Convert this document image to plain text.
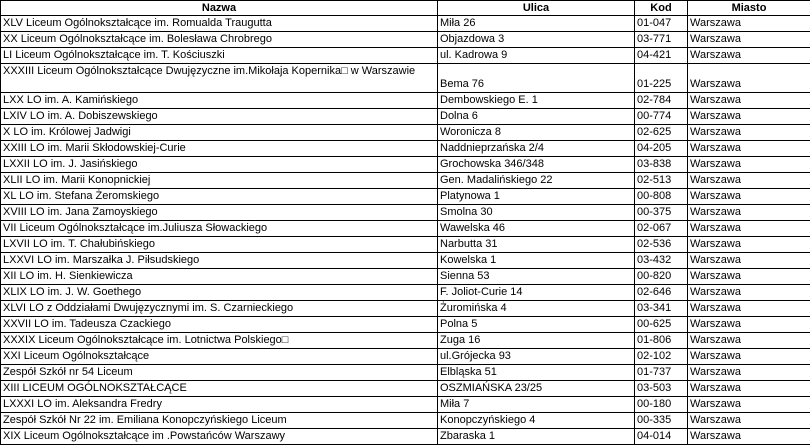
Nazwa	Ulica	Kod	Miasto
XLV Liceum Ogólnokształcące im. Romualda Traugutta	Miła 26	01-047	Warszawa
XX Liceum Ogólnokształcące im. Bolesława Chrobrego	Objazdowa 3	03-771	Warszawa
LI Liceum Ogólnokształcące im. T. Kościuszki	ul. Kadrowa 9	04-421	Warszawa
XXXIII Liceum Ogólnokształcące Dwujęzyczne im.Mikołaja Kopernika□ w Warszawie	Bema 76	01-225	Warszawa
LXX LO im. A. Kamińskiego	Dembowskiego E. 1	02-784	Warszawa
LXIV LO im. A. Dobiszewskiego	Dolna 6	00-774	Warszawa
X LO im. Królowej Jadwigi	Woronicza 8	02-625	Warszawa
XXIII LO im. Marii Skłodowskiej-Curie	Naddnieprzańska 2/4	04-205	Warszawa
LXXII LO im. J. Jasińskiego	Grochowska 346/348	03-838	Warszawa
XLII LO im. Marii Konopnickiej	Gen. Madalińskiego 22	02-513	Warszawa
XL LO im. Stefana Żeromskiego	Platynowa 1	00-808	Warszawa
XVIII LO im. Jana Zamoyskiego	Smolna 30	00-375	Warszawa
VII Liceum Ogólnokształcące im.Juliusza Słowackiego	Wawelska 46	02-067	Warszawa
LXVII LO im. T. Chałubińskiego	Narbutta 31	02-536	Warszawa
LXXVI LO im. Marszałka J. Piłsudskiego	Kowelska 1	03-432	Warszawa
XII LO im. H. Sienkiewicza	Sienna 53	00-820	Warszawa
XLIX LO im. J. W. Goethego	F. Joliot-Curie 14	02-646	Warszawa
XLVI LO z Oddziałami Dwujęzycznymi im. S. Czarnieckiego	Żuromińska 4	03-341	Warszawa
XXVII LO im. Tadeusza Czackiego	Polna 5	00-625	Warszawa
XXXIX Liceum Ogólnokształcące im. Lotnictwa Polskiego□	Zuga 16	01-806	Warszawa
XXI Liceum Ogólnokształcące	ul.Grójecka 93	02-102	Warszawa
Zespół Szkół nr 54 Liceum	Elbląska 51	01-737	Warszawa
XIII LICEUM OGÓLNOKSZTAŁCĄCE	OSZMIAŃSKA 23/25	03-503	Warszawa
LXXXI LO im. Aleksandra Fredry	Miła 7	00-180	Warszawa
Zespół Szkół Nr 22 im. Emiliana Konopczyńskiego Liceum	Konopczyńskiego 4	00-335	Warszawa
XIX Liceum Ogólnokształcące im .Powstańców Warszawy	Zbaraska 1	04-014	Warszawa
